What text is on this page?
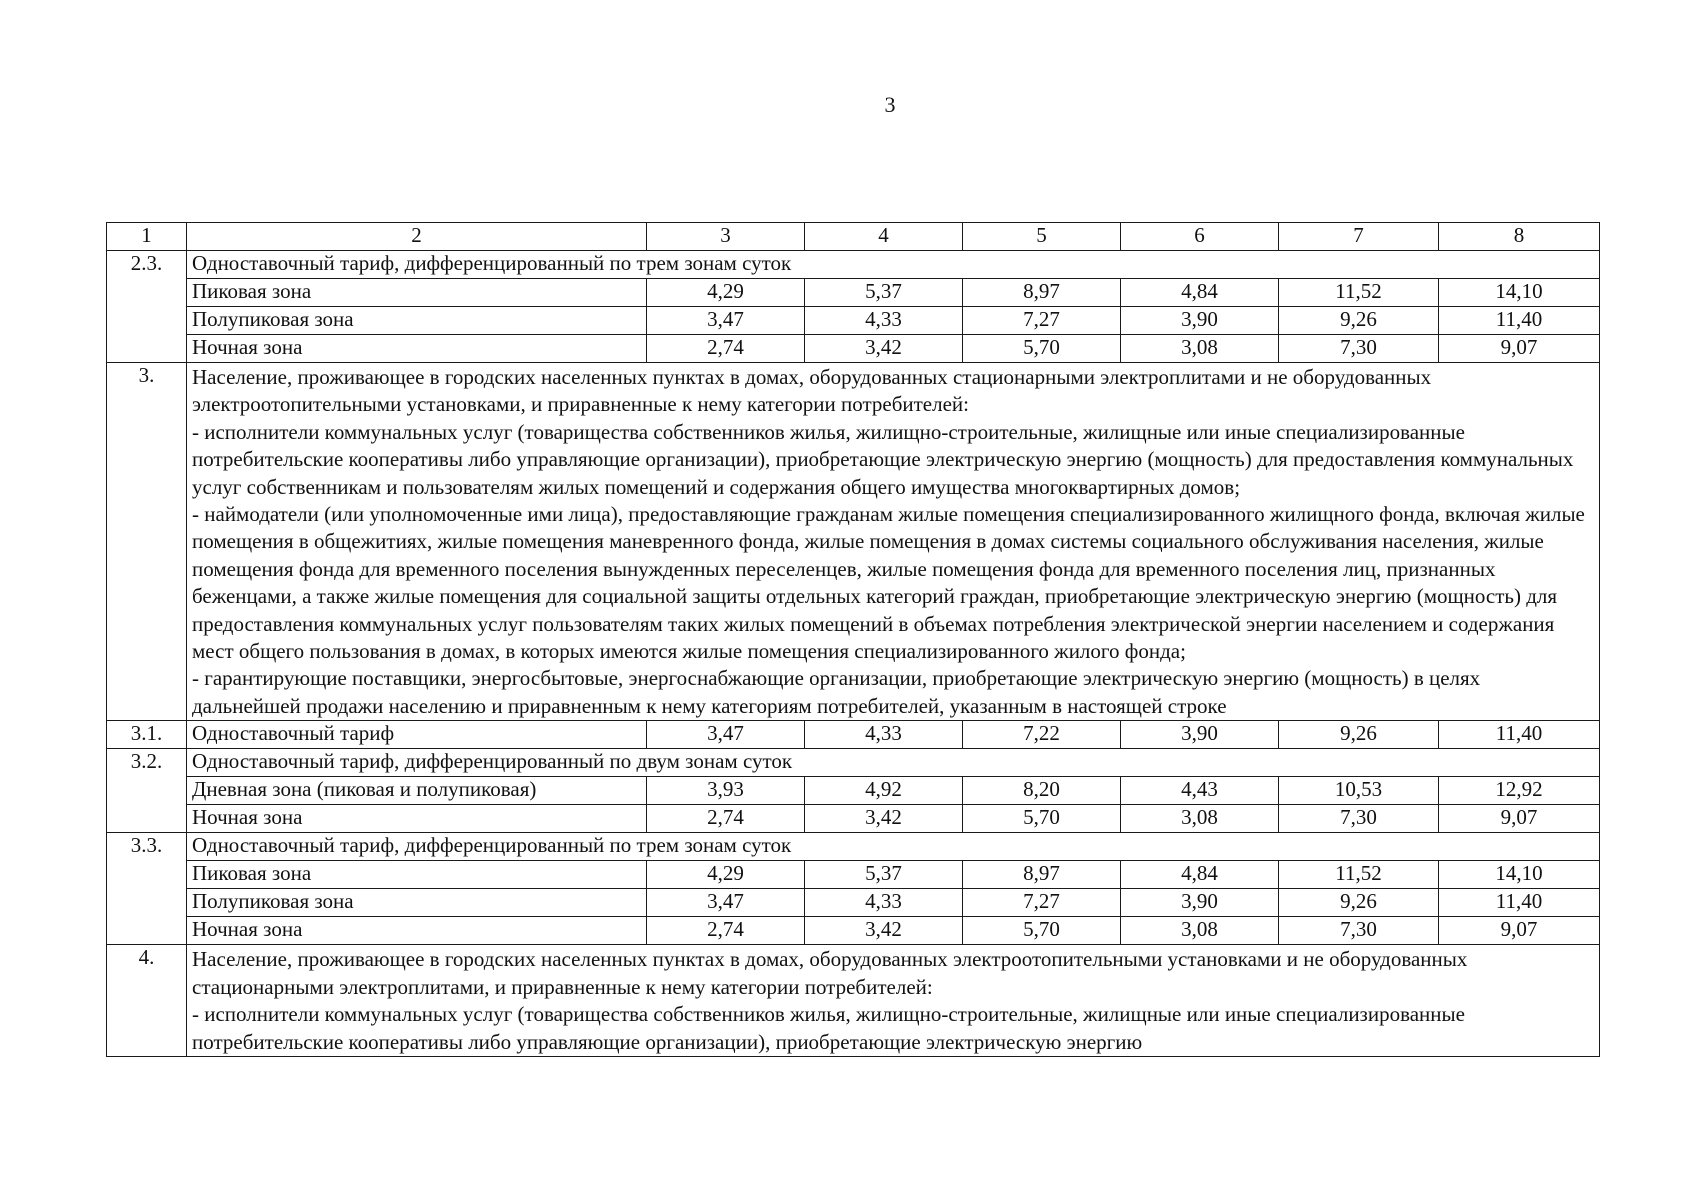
3
1	2	3	4	5	6	7	8
2.3.	Одноставочный тариф, дифференцированный по трем зонам суток						
	Пиковая зона	4,29	5,37	8,97	4,84	11,52	14,10
	Полупиковая зона	3,47	4,33	7,27	3,90	9,26	11,40
	Ночная зона	2,74	3,42	5,70	3,08	7,30	9,07
3.	Население, проживающее в городских населенных пунктах в домах, оборудованных стационарными электроплитами и не оборудованных электроотопительными установками, и приравненные к нему категории потребителей:
- исполнители коммунальных услуг (товарищества собственников жилья, жилищно-строительные, жилищные или иные специализированные потребительские кооперативы либо управляющие организации), приобретающие электрическую энергию (мощность) для предоставления коммунальных услуг собственникам и пользователям жилых помещений и содержания общего имущества многоквартирных домов;
- наймодатели (или уполномоченные ими лица), предоставляющие гражданам жилые помещения специализированного жилищного фонда, включая жилые помещения в общежитиях, жилые помещения маневренного фонда, жилые помещения в домах системы социального обслуживания населения, жилые помещения фонда для временного поселения вынужденных переселенцев, жилые помещения фонда для временного поселения лиц, признанных беженцами, а также жилые помещения для социальной защиты отдельных категорий граждан, приобретающие электрическую энергию (мощность) для предоставления коммунальных услуг пользователям таких жилых помещений в объемах потребления электрической энергии населением и содержания мест общего пользования в домах, в которых имеются жилые помещения специализированного жилого фонда;
- гарантирующие поставщики, энергосбытовые, энергоснабжающие организации, приобретающие электрическую энергию (мощность) в целях дальнейшей продажи населению и приравненным к нему категориям потребителей, указанным в настоящей строке						
3.1.	Одноставочный тариф	3,47	4,33	7,22	3,90	9,26	11,40
3.2.	Одноставочный тариф, дифференцированный по двум зонам суток						
	Дневная зона (пиковая и полупиковая)	3,93	4,92	8,20	4,43	10,53	12,92
	Ночная зона	2,74	3,42	5,70	3,08	7,30	9,07
3.3.	Одноставочный тариф, дифференцированный по трем зонам суток						
	Пиковая зона	4,29	5,37	8,97	4,84	11,52	14,10
	Полупиковая зона	3,47	4,33	7,27	3,90	9,26	11,40
	Ночная зона	2,74	3,42	5,70	3,08	7,30	9,07
4.	Население, проживающее в городских населенных пунктах в домах, оборудованных электроотопительными установками и не оборудованных стационарными электроплитами, и приравненные к нему категории потребителей:
- исполнители коммунальных услуг (товарищества собственников жилья, жилищно-строительные, жилищные или иные специализированные потребительские кооперативы либо управляющие организации), приобретающие электрическую энергию						
